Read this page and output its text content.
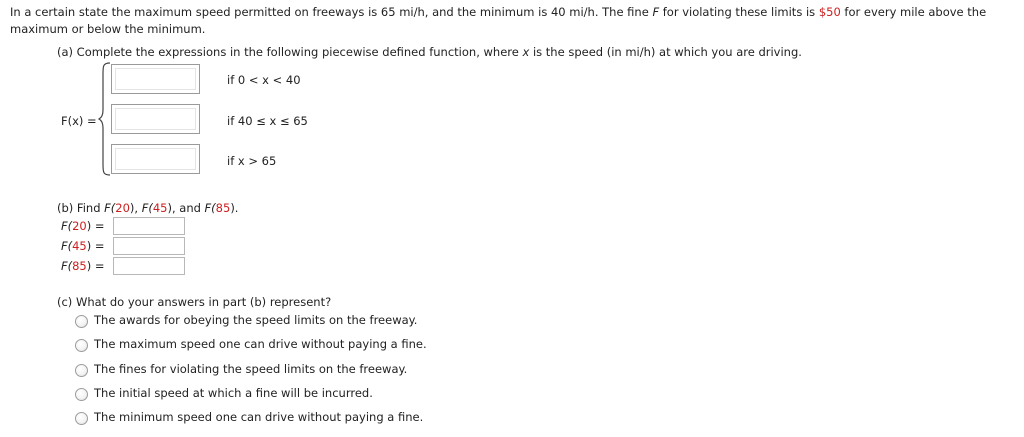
In a certain state the maximum speed permitted on freeways is 65 mi/h, and the minimum is 40 mi/h. The fine F for violating these limits is $50 for every mile above the maximum or below the minimum.
(a) Complete the expressions in the following piecewise defined function, where x is the speed (in mi/h) at which you are driving.
F(x) =
if 0 < x < 40
if 40 ≤ x ≤ 65
if x > 65
(b) Find F(20), F(45), and F(85).
F(20) =
F(45) =
F(85) =
(c) What do your answers in part (b) represent?
The awards for obeying the speed limits on the freeway.
The maximum speed one can drive without paying a fine.
The fines for violating the speed limits on the freeway.
The initial speed at which a fine will be incurred.
The minimum speed one can drive without paying a fine.
